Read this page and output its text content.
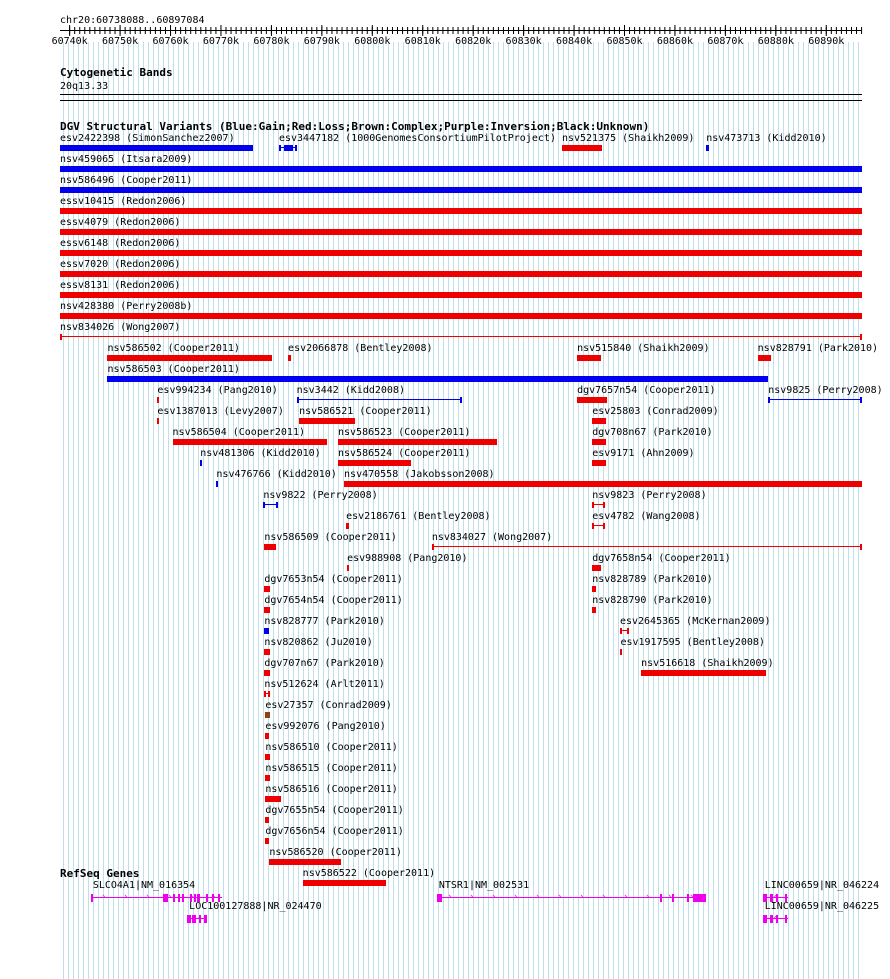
chr20:60738088..60897084
60740k 60750k 60760k 60770k 60780k 60790k 60800k 60810k 60820k 60830k 60840k 60850k 60860k 60870k 60880k 60890k
Cytogenetic Bands
20q13.33
DGV Structural Variants (Blue:Gain;Red:Loss;Brown:Complex;Purple:Inversion;Black:Unknown)
RefSeq Genes
esv2422398 (SimonSanchez2007)	esv3447182 (1000GenomesConsortiumPilotProject) nsv521375 (Shaikh2009) nsv473713 (Kidd2010)
nsv459065 (Itsara2009)
nsv586496 (Cooper2011)
essv10415 (Redon2006)
essv4079 (Redon2006)
essv6148 (Redon2006)
essv7020 (Redon2006)
essv8131 (Redon2006)
nsv428380 (Perry2008b)
nsv834026 (Wong2007)
nsv586502 (Cooper2011)	esv2066878 (Bentley2008)	nsv515840 (Shaikh2009)	nsv828791 (Park2010)
nsv586503 (Cooper2011)
esv994234 (Pang2010) nsv3442 (Kidd2008)	dgv7657n54 (Cooper2011)	nsv9825 (Perry2008)
esv1387013 (Levy2007) nsv586521 (Cooper2011)	esv25803 (Conrad2009)
nsv586504 (Cooper2011)	nsv586523 (Cooper2011)	dgv708n67 (Park2010)
nsv481306 (Kidd2010) nsv586524 (Cooper2011)	esv9171 (Ahn2009)
nsv476766 (Kidd2010) nsv470558 (Jakobsson2008)
nsv9822 (Perry2008)
esv2186761 (Bentley2008)
nsv9823 (Perry2008)
nsv586509 (Cooper2011)
esv988908 (Pang2010)
esv4782 (Wang2008)
dgv7653n54 (Cooper2011)
nsv834027 (Wong2007)
dgv7654n54 (Cooper2011)
dgv7658n54 (Cooper2011)
nsv828777 (Park2010)
nsv828789 (Park2010)
nsv820862 (Ju2010)
nsv828790 (Park2010)
dgv707n67 (Park2010)
esv2645365 (McKernan2009)
nsv512624 (Arlt2011)
esv1917595 (Bentley2008)
esv27357 (Conrad2009)
nsv516618 (Shaikh2009)
esv992076 (Pang2010)
nsv586510 (Cooper2011)
nsv586515 (Cooper2011)
nsv586516 (Cooper2011)
dgv7655n54 (Cooper2011)
dgv7656n54 (Cooper2011)
nsv586520 (Cooper2011)
nsv586522 (Cooper2011)
SLCO4A1|NM_016354
› › › › › ›
LOC100127888|NR_024470
‹
NTSR1|NM_002531
› › › › › › › › › › › ›
LINC00659|NR_046224
‹
LINC00659|NR_046225
‹
